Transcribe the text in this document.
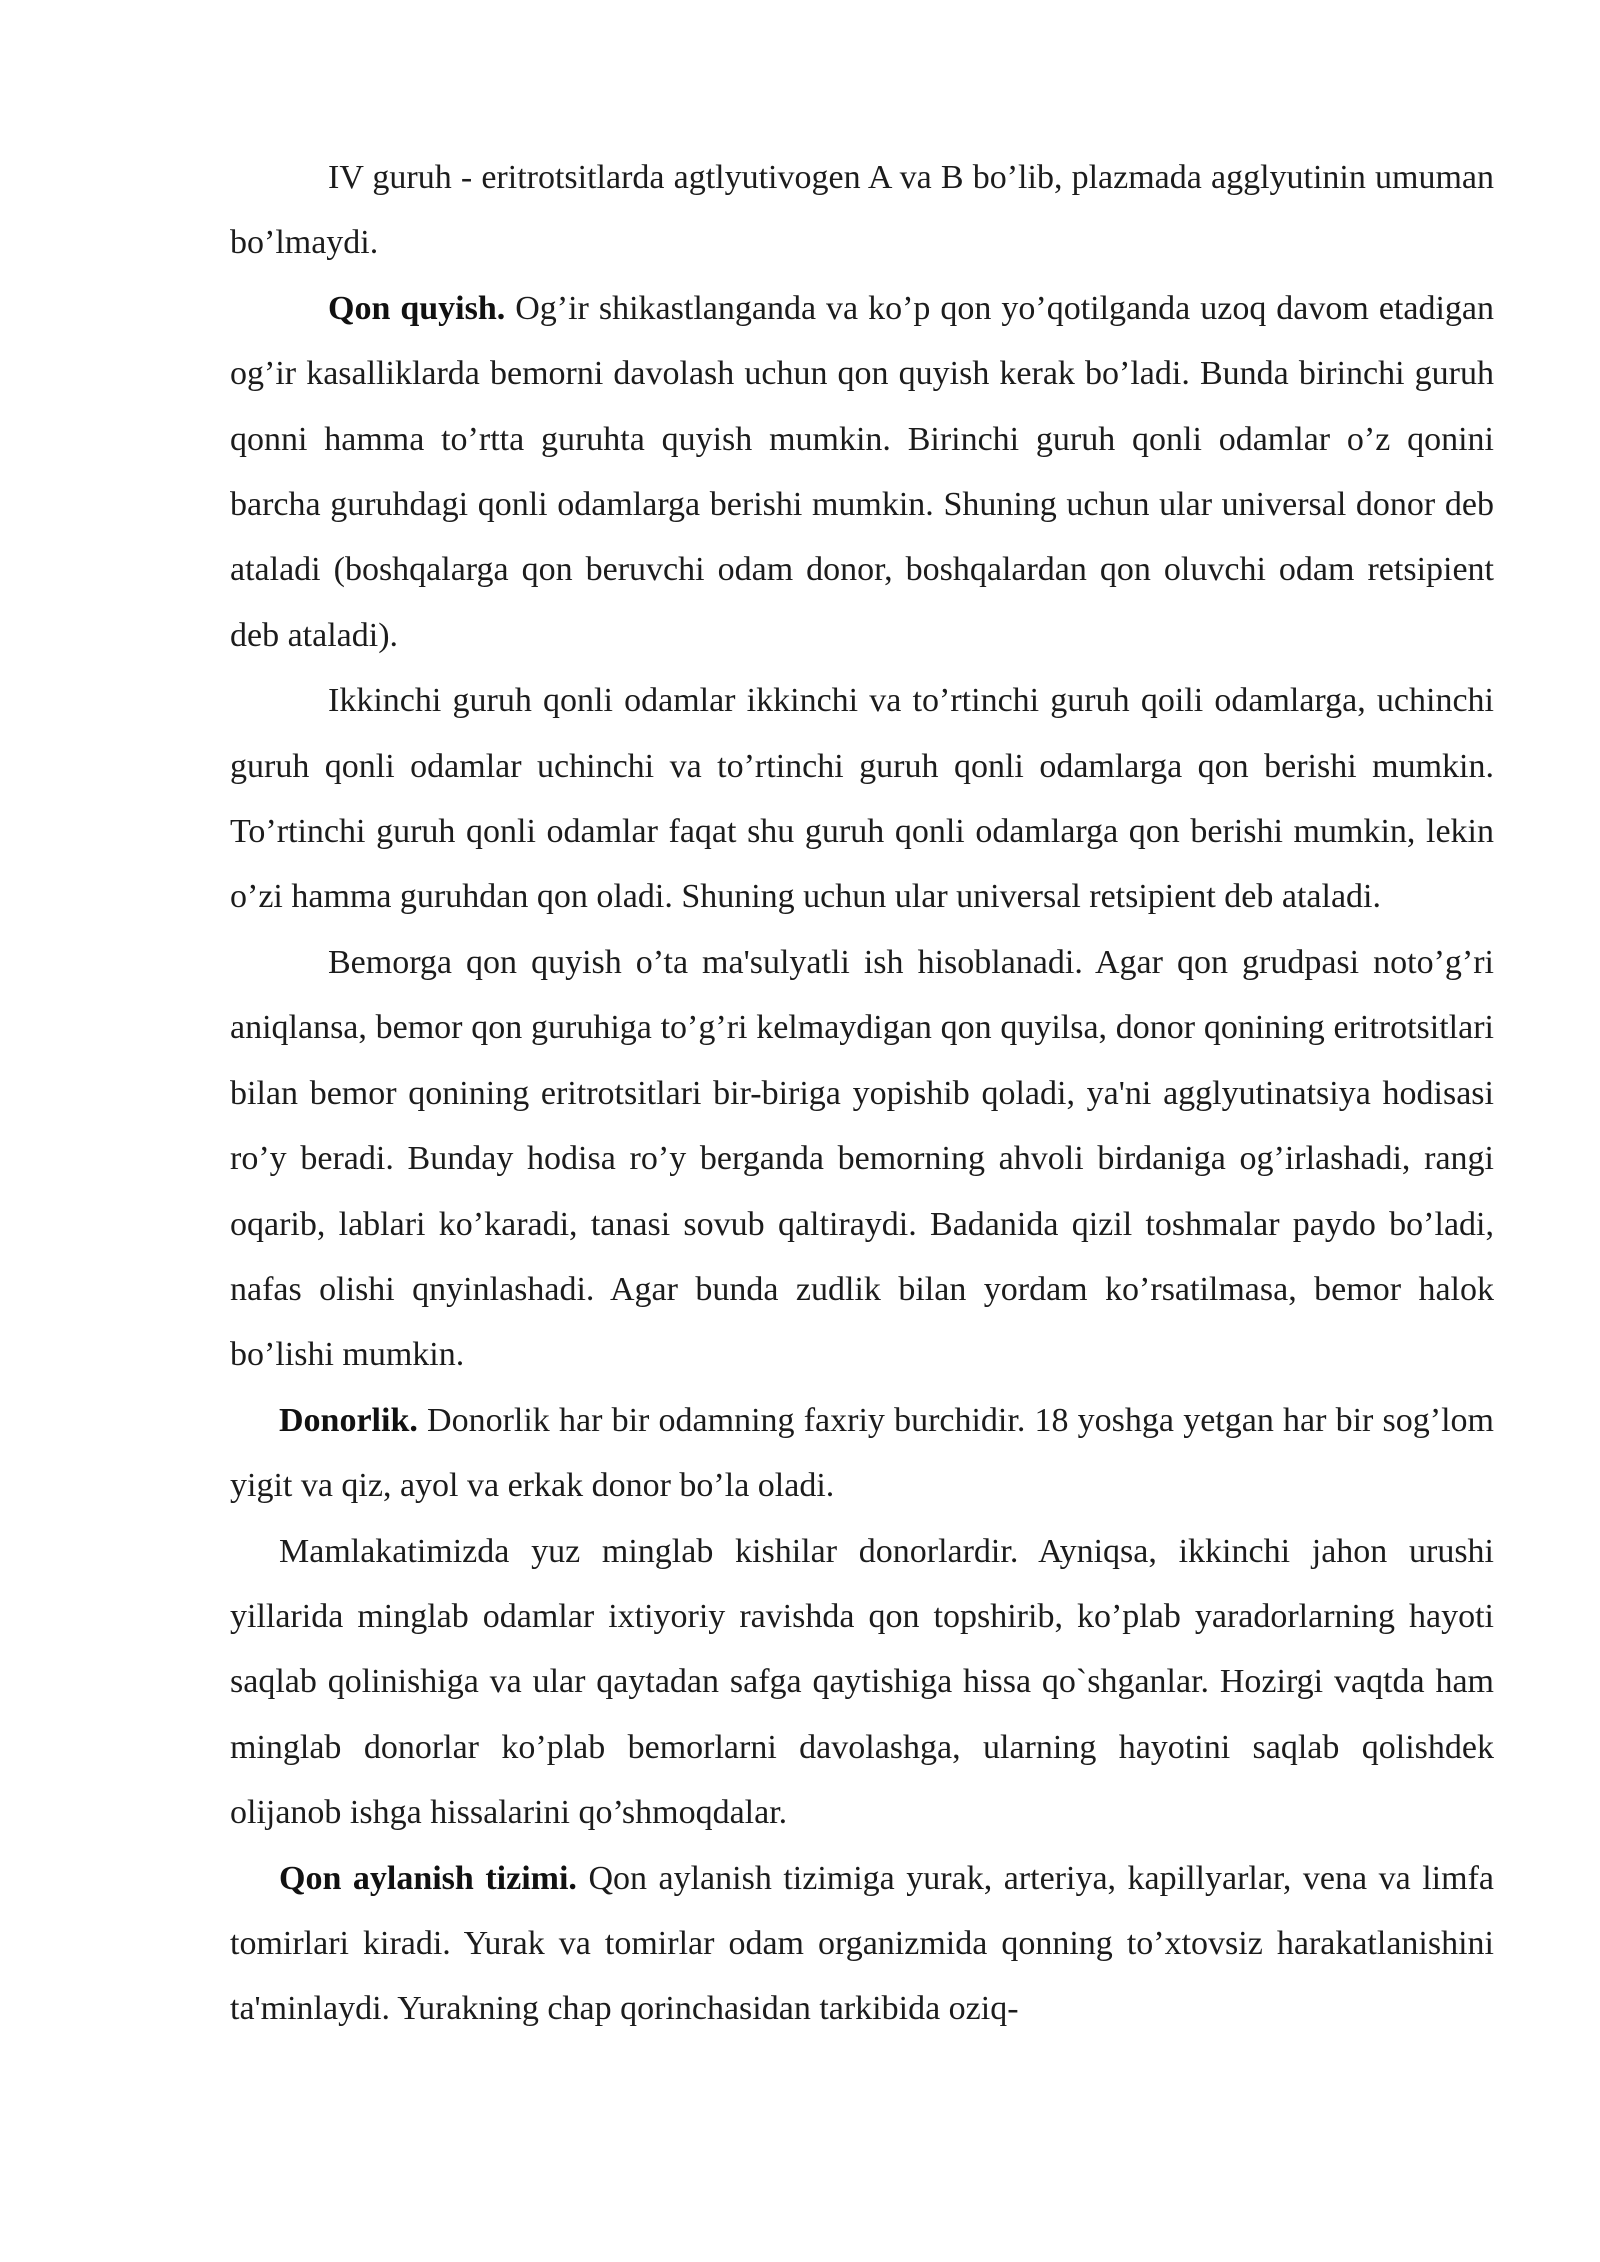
IV guruh - eritrotsitlarda agtlyutivogen A va B bo’lib, plazmada agglyutinin umuman bo’lmaydi.

Qon quyish. Og’ir shikastlanganda va ko’p qon yo’qotilganda uzoq davom etadigan og’ir kasalliklarda bemorni davolash uchun qon quyish kerak bo’ladi. Bunda birinchi guruh qonni hamma to’rtta guruhta quyish mumkin. Birinchi guruh qonli odamlar o’z qonini barcha guruhdagi qonli odamlarga berishi mumkin. Shuning uchun ular universal donor deb ataladi (boshqalarga qon beruvchi odam donor, boshqalardan qon oluvchi odam retsipient deb ataladi).

Ikkinchi guruh qonli odamlar ikkinchi va to’rtinchi guruh qoili odamlarga, uchinchi guruh qonli odamlar uchinchi va to’rtinchi guruh qonli odamlarga qon berishi mumkin. To’rtinchi guruh qonli odamlar faqat shu guruh qonli odamlarga qon berishi mumkin, lekin o’zi hamma guruhdan qon oladi. Shuning uchun ular universal retsipient deb ataladi.

Bemorga qon quyish o’ta ma'sulyatli ish hisoblanadi. Agar qon grudpasi noto’g’ri aniqlansa, bemor qon guruhiga to’g’ri kelmaydigan qon quyilsa, donor qonining eritrotsitlari bilan bemor qonining eritrotsitlari bir-biriga yopishib qoladi, ya'ni agglyutinatsiya hodisasi ro’y beradi. Bunday hodisa ro’y berganda bemorning ahvoli birdaniga og’irlashadi, rangi oqarib, lablari ko’karadi, tanasi sovub qaltiraydi. Badanida qizil toshmalar paydo bo’ladi, nafas olishi qnyinlashadi. Agar bunda zudlik bilan yordam ko’rsatilmasa, bemor halok bo’lishi mumkin.

Donorlik. Donorlik har bir odamning faxriy burchidir. 18 yoshga yetgan har bir sog’lom yigit va qiz, ayol va erkak donor bo’la oladi.

Mamlakatimizda yuz minglab kishilar donorlardir. Ayniqsa, ikkinchi jahon urushi yillarida minglab odamlar ixtiyoriy ravishda qon topshirib, ko’plab yaradorlarning hayoti saqlab qolinishiga va ular qaytadan safga qaytishiga hissa qo`shganlar. Hozirgi vaqtda ham minglab donorlar ko’plab bemorlarni davolashga, ularning hayotini saqlab qolishdek olijanob ishga hissalarini qo’shmoqdalar.

Qon aylanish tizimi. Qon aylanish tizimiga yurak, arteriya, kapillyarlar, vena va limfa tomirlari kiradi. Yurak va tomirlar odam organizmida qonning to’xtovsiz harakatlanishini ta'minlaydi. Yurakning chap qorinchasidan tarkibida oziq-
